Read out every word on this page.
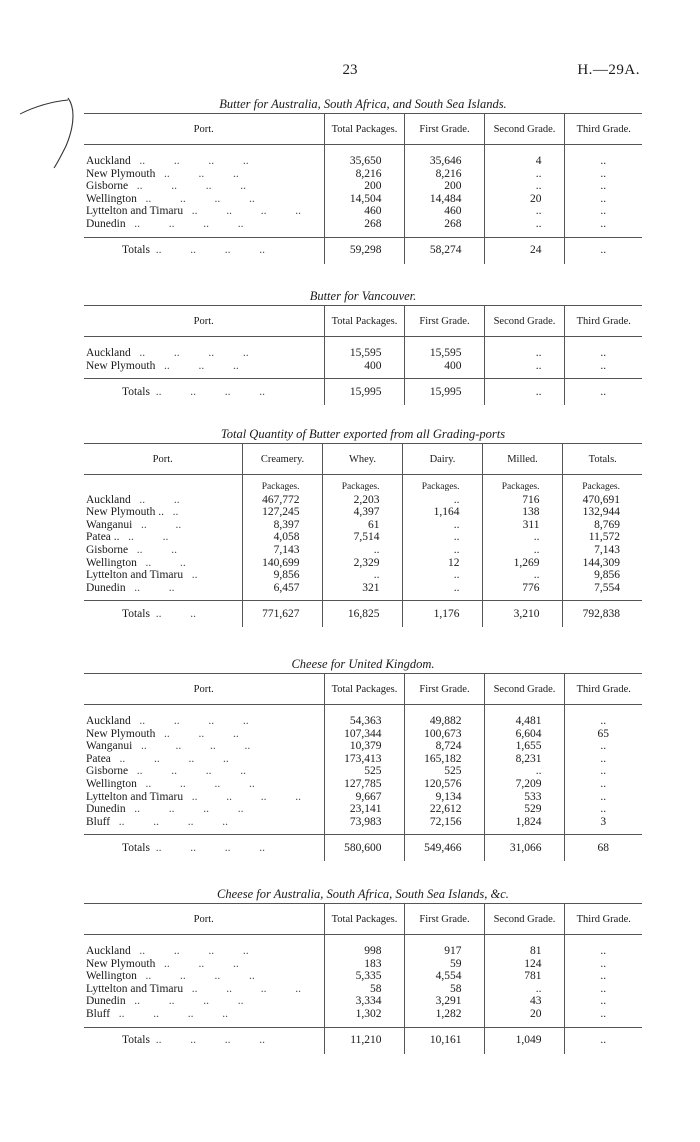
23	H.—29A.
Butter for Australia, South Africa, and South Sea Islands.
Port.	Total Packages.	First Grade.	Second Grade.	Third Grade.

Auckland ..          ..          ..          ..	35,650	35,646	4	..
New Plymouth ..          ..          ..	8,216	8,216	..	..
Gisborne ..          ..          ..          ..	200	200	..	..
Wellington ..          ..          ..          ..	14,504	14,484	20	..
Lyttelton and Timaru ..          ..          ..          ..	460	460	..	..
Dunedin ..          ..          ..          ..	268	268	..	..

Totals ..          ..          ..          ..	59,298	58,274	24	..
Butter for Vancouver.
Port.	Total Packages.	First Grade.	Second Grade.	Third Grade.

Auckland ..          ..          ..          ..	15,595	15,595	..	..
New Plymouth ..          ..          ..	400	400	..	..

Totals ..          ..          ..          ..	15,995	15,995	..	..
Total Quantity of Butter exported from all Grading-ports
Port.	Creamery.	Whey.	Dairy.	Milled.	Totals.

	Packages.	Packages.	Packages.	Packages.	Packages.
Auckland ..          ..	467,772	2,203	..	716	470,691
New Plymouth .. ..	127,245	4,397	1,164	138	132,944
Wanganui ..          ..	8,397	61	..	311	8,769
Patea .. ..          ..	4,058	7,514	..	..	11,572
Gisborne ..          ..	7,143	..	..	..	7,143
Wellington ..          ..	140,699	2,329	12	1,269	144,309
Lyttelton and Timaru ..	9,856	..	..	..	9,856
Dunedin ..          ..	6,457	321	..	776	7,554

Totals ..          ..	771,627	16,825	1,176	3,210	792,838
Cheese for United Kingdom.
Port.	Total Packages.	First Grade.	Second Grade.	Third Grade.

Auckland ..          ..          ..          ..	54,363	49,882	4,481	..
New Plymouth ..          ..          ..	107,344	100,673	6,604	65
Wanganui ..          ..          ..          ..	10,379	8,724	1,655	..
Patea ..          ..          ..          ..	173,413	165,182	8,231	..
Gisborne ..          ..          ..          ..	525	525	..	..
Wellington ..          ..          ..          ..	127,785	120,576	7,209	..
Lyttelton and Timaru ..          ..          ..          ..	9,667	9,134	533	..
Dunedin ..          ..          ..          ..	23,141	22,612	529	..
Bluff ..          ..          ..          ..	73,983	72,156	1,824	3

Totals ..          ..          ..          ..	580,600	549,466	31,066	68
Cheese for Australia, South Africa, South Sea Islands, &c.
Port.	Total Packages.	First Grade.	Second Grade.	Third Grade.

Auckland ..          ..          ..          ..	998	917	81	..
New Plymouth ..          ..          ..	183	59	124	..
Wellington ..          ..          ..          ..	5,335	4,554	781	..
Lyttelton and Timaru ..          ..          ..          ..	58	58	..	..
Dunedin ..          ..          ..          ..	3,334	3,291	43	..
Bluff ..          ..          ..          ..	1,302	1,282	20	..

Totals ..          ..          ..          ..	11,210	10,161	1,049	..
